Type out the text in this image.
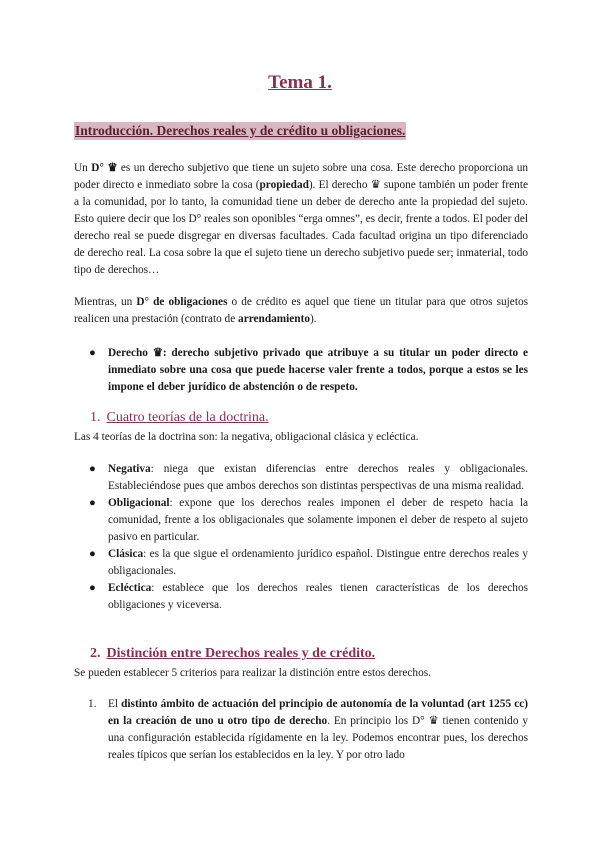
Tema 1.
Introducción. Derechos reales y de crédito u obligaciones.

Un D° ♛ es un derecho subjetivo que tiene un sujeto sobre una cosa. Este derecho proporciona un poder directo e inmediato sobre la cosa (propiedad). El derecho ♛ supone también un poder frente a la comunidad, por lo tanto, la comunidad tiene un deber de derecho ante la propiedad del sujeto. Esto quiere decir que los D° reales son oponibles “erga omnes”, es decir, frente a todos. El poder del derecho real se puede disgregar en diversas facultades. Cada facultad origina un tipo diferenciado de derecho real. La cosa sobre la que el sujeto tiene un derecho subjetivo puede ser; inmaterial, todo tipo de derechos…

Mientras, un D° de obligaciones o de crédito es aquel que tiene un titular para que otros sujetos realicen una prestación (contrato de arrendamiento).

● Derecho ♛: derecho subjetivo privado que atribuye a su titular un poder directo e inmediato sobre una cosa que puede hacerse valer frente a todos, porque a estos se les impone el deber jurídico de abstención o de respeto.
1. Cuatro teorías de la doctrina.

Las 4 teorías de la doctrina son: la negativa, obligacional clásica y ecléctica.

● Negativa: niega que existan diferencias entre derechos reales y obligacionales. Estableciéndose pues que ambos derechos son distintas perspectivas de una misma realidad.
● Obligacional: expone que los derechos reales imponen el deber de respeto hacia la comunidad, frente a los obligacionales que solamente imponen el deber de respeto al sujeto pasivo en particular.
● Clásica: es la que sigue el ordenamiento jurídico español. Distingue entre derechos reales y obligacionales.
● Ecléctica: establece que los derechos reales tienen características de los derechos obligaciones y viceversa.
2. Distinción entre Derechos reales y de crédito.

Se pueden establecer 5 criterios para realizar la distinción entre estos derechos.

1. El distinto ámbito de actuación del principio de autonomía de la voluntad (art 1255 cc) en la creación de uno u otro tipo de derecho. En principio los D° ♛ tienen contenido y una configuración establecida rígidamente en la ley. Podemos encontrar pues, los derechos reales típicos que serían los establecidos en la ley. Y por otro lado
